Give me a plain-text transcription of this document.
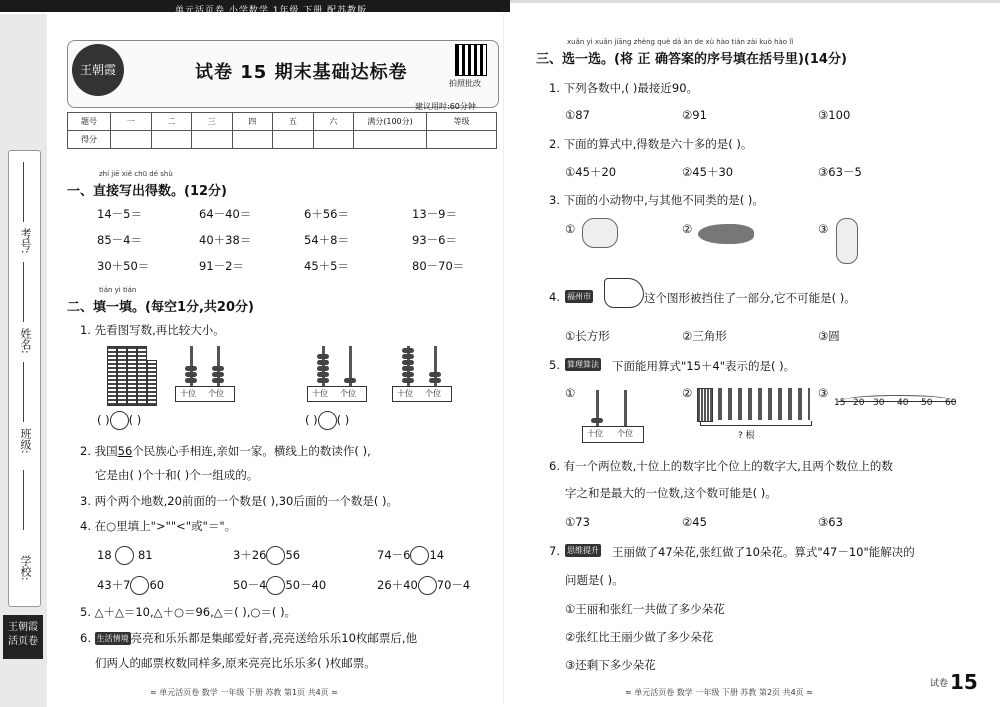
单元活页卷 小学数学 1年级 下册 配苏教版
考号:
姓名:
班级:
学校:
王朝霞
活页卷
王朝霞	试卷 15 期末基础达标卷
拍照批改
建议用时:60分钟
题号	一	二	三	四	五	六	满分(100分)	等级
得分								
zhí jiē xiě chū dé shù
一、直接写出得数。(12分)
14－5＝	64－40＝	6＋56＝	13－9＝
85－4＝	40＋38＝	54＋8＝	93－6＝
30＋50＝	91－2＝	45＋5＝	80－70＝
tián yi tián
二、填一填。(每空1分,共20分)
1. 先看图写数,再比较大小。
十位 个位	十位 个位	十位 个位
( ) ( )	( ) ( )
2. 我国56个民族心手相连,亲如一家。横线上的数读作( ),
它是由( )个十和( )个一组成的。
3. 两个两个地数,20前面的一个数是( ),30后面的一个数是( )。
4. 在○里填上">""<"或"＝"。
18 81	3＋26 56	74－6 14
43＋7 60	50－4 50－40	26＋40 70－4
5. △＋△＝10,△＋○＝96,△＝( ),○＝( )。
6. 生活情境 亮亮和乐乐都是集邮爱好者,亮亮送给乐乐10枚邮票后,他
们两人的邮票枚数同样多,原来亮亮比乐乐多( )枚邮票。
≈ 单元活页卷 数学 一年级 下册 苏教 第1页 共4页 ≈
xuǎn yi xuǎn jiāng zhèng què dá àn de xù hào tián zài kuò hào lǐ
三、选一选。(将 正 确答案的序号填在括号里)(14分)
1. 下列各数中,( )最接近90。
①87	②91	③100
2. 下面的算式中,得数是六十多的是( )。
①45＋20	②45＋30	③63－5
3. 下面的小动物中,与其他不同类的是( )。
①	②	③
4. 福州市	这个图形被挡住了一部分,它不可能是( )。
①长方形	②三角形	③圆
5. 算理算法 下面能用算式"15＋4"表示的是( )。
①
十位 个位
②
? 根
③
15 20 30 40 50 60
6. 有一个两位数,十位上的数字比个位上的数字大,且两个数位上的数
字之和是最大的一位数,这个数可能是( )。
①73	②45	③63
7. 思维提升 王丽做了47朵花,张红做了10朵花。算式"47－10"能解决的
问题是( )。
①王丽和张红一共做了多少朵花
②张红比王丽少做了多少朵花
③还剩下多少朵花
≈ 单元活页卷 数学 一年级 下册 苏教 第2页 共4页 ≈
试卷 15
